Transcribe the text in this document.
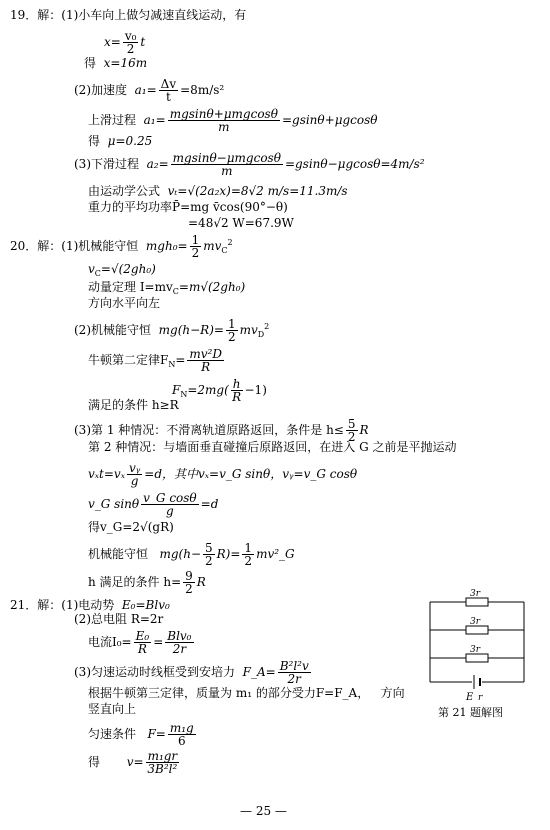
19．解：(1)小车向上做匀减速直线运动，有
$x= \frac{\text{v₀}}{2}$ t
得 x=16m
(2)加速度 $a_1= \frac{\Delta v}{t} =8m/s^2$
上滑过程 $a_1= \frac{\text{mgsinθ+μmgcosθ}}{m} =gsin\theta+\mu gcos\theta$
得 μ=0.25
(3)下滑过程 $a_2= \frac{\text{mgsinθ−μmgcosθ}}{m} =gsin\theta-\mu gcos\theta=4m/s^2$
由运动学公式 vₜ=√(2a₂x)=8√2 m/s=11.3m/s
重力的平均功率P̄=mg v̄cos(90°−θ)
=48√2 W=67.9W
20．解：(1)机械能守恒 $mgh_0= \frac{1}{2} mv_C^2$
$v_C=√(2gh_0)$
动量定理 $I=mv_C=m√(2gh_0)$
方向水平向左
(2)机械能守恒 $mg(h-R)= \frac{1}{2} mv_D^2$
牛顿第二定律$F_N= \frac{\text{mv²D}}{R}$
$F_N=2mg( \frac{h}{R} -1)$
满足的条件 h≥R
(3)第 1 种情况：不滑离轨道原路返回，条件是 $h\le \frac{5}{2}$ R
第 2 种情况：与墙面垂直碰撞后原路返回，在进入 G 之前是平抛运动
$v_xt=v_x \frac{\text{vᵧ}}{g} =d$，其中vₓ=v_G sinθ，vᵧ=v_G cosθ
v_G sinθ $\frac{\text{v\_G cosθ}}{g} =d$
得v_G=2√(gR)
机械能守恒 $mg(h- \frac{5}{2} R)= \frac{1}{2}$ mv²_G
h 满足的条件 $h= \frac{9}{2}$ R
21．解：(1)电动势 E₀=Blv₀
(2)总电阻 R=2r
电流$I_0= \frac{\text{E₀}}{R} = \frac{\text{Blv₀}}{2r}$
(3)匀速运动时线框受到安培力 F_A= $\frac{\text{B²l²v}}{2r}$
根据牛顿第三定律，质量为 m₁ 的部分受力F=F_A， 方向
竖直向上
匀速条件 $F= \frac{\text{m₁g}}{6}$
得 $v= \frac{\text{m₁gr}}{\text{3B²l²}}$
3r
3r
3r
E r
第 21 题解图
— 25 —
